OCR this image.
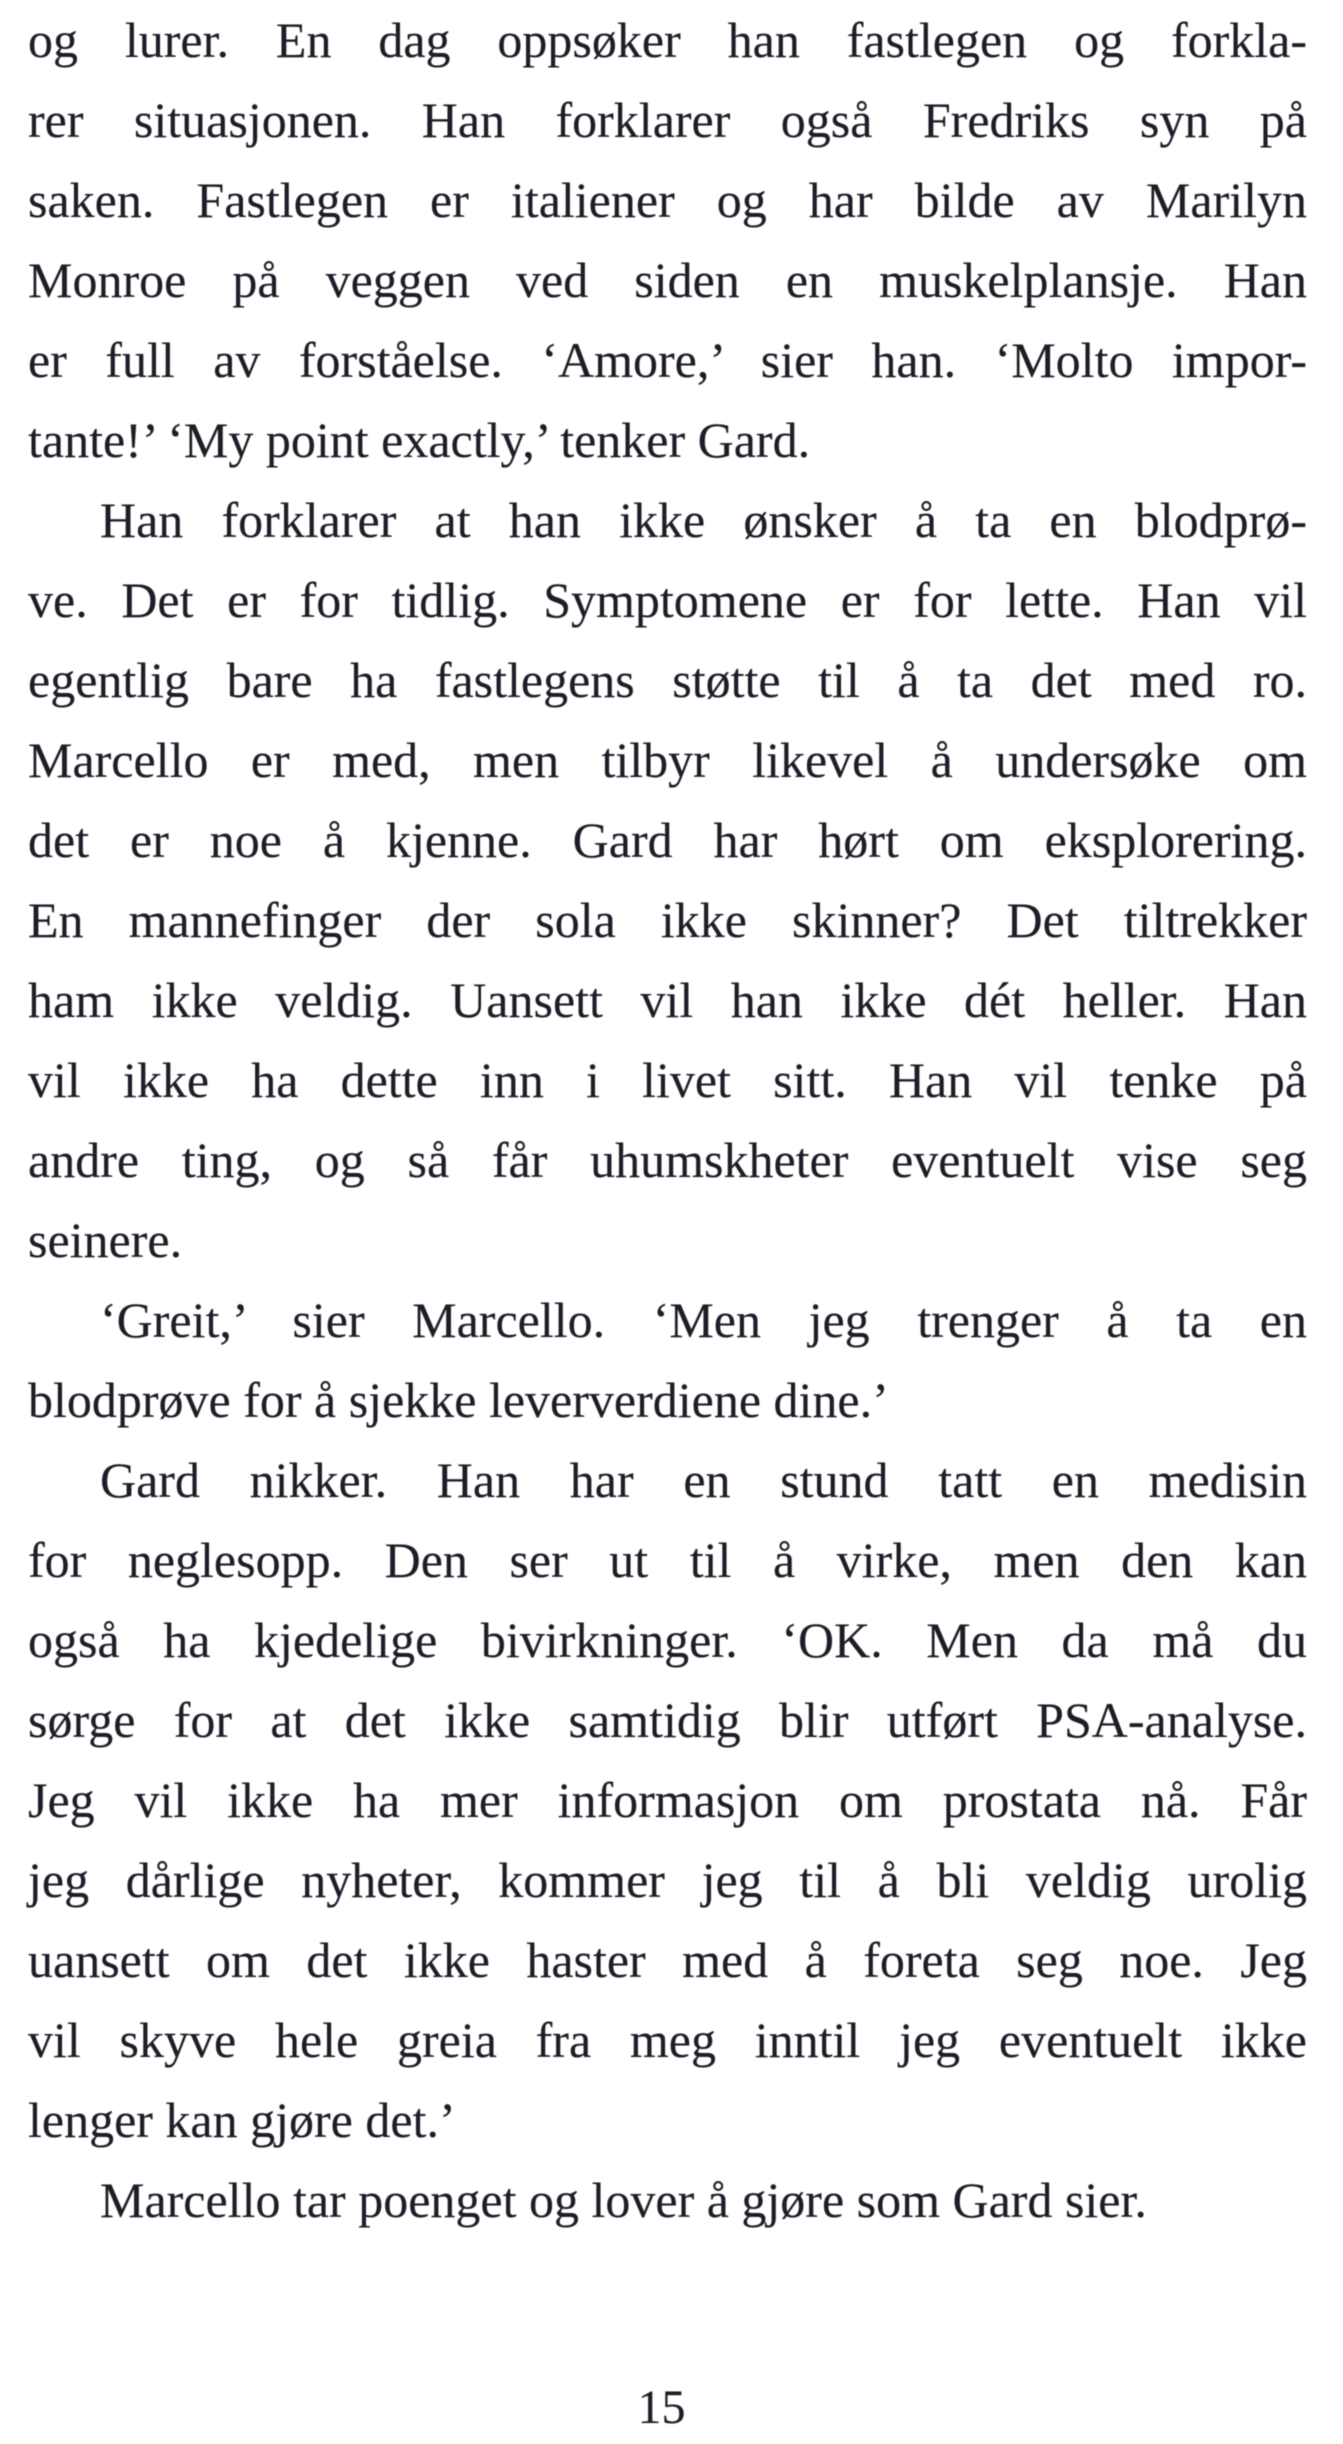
og lurer. En dag oppsøker han fastlegen og forkla-
rer situasjonen. Han forklarer også Fredriks syn på
saken. Fastlegen er italiener og har bilde av Marilyn
Monroe på veggen ved siden en muskelplansje. Han
er full av forståelse. ‘Amore,’ sier han. ‘Molto impor-
tante!’ ‘My point exactly,’ tenker Gard.
Han forklarer at han ikke ønsker å ta en blodprø-
ve. Det er for tidlig. Symptomene er for lette. Han vil
egentlig bare ha fastlegens støtte til å ta det med ro.
Marcello er med, men tilbyr likevel å undersøke om
det er noe å kjenne. Gard har hørt om eksplorering.
En mannefinger der sola ikke skinner? Det tiltrekker
ham ikke veldig. Uansett vil han ikke dét heller. Han
vil ikke ha dette inn i livet sitt. Han vil tenke på
andre ting, og så får uhumskheter eventuelt vise seg
seinere.
‘Greit,’ sier Marcello. ‘Men jeg trenger å ta en
blodprøve for å sjekke leververdiene dine.’
Gard nikker. Han har en stund tatt en medisin
for neglesopp. Den ser ut til å virke, men den kan
også ha kjedelige bivirkninger. ‘OK. Men da må du
sørge for at det ikke samtidig blir utført PSA-analyse.
Jeg vil ikke ha mer informasjon om prostata nå. Får
jeg dårlige nyheter, kommer jeg til å bli veldig urolig
uansett om det ikke haster med å foreta seg noe. Jeg
vil skyve hele greia fra meg inntil jeg eventuelt ikke
lenger kan gjøre det.’
Marcello tar poenget og lover å gjøre som Gard sier.
15
